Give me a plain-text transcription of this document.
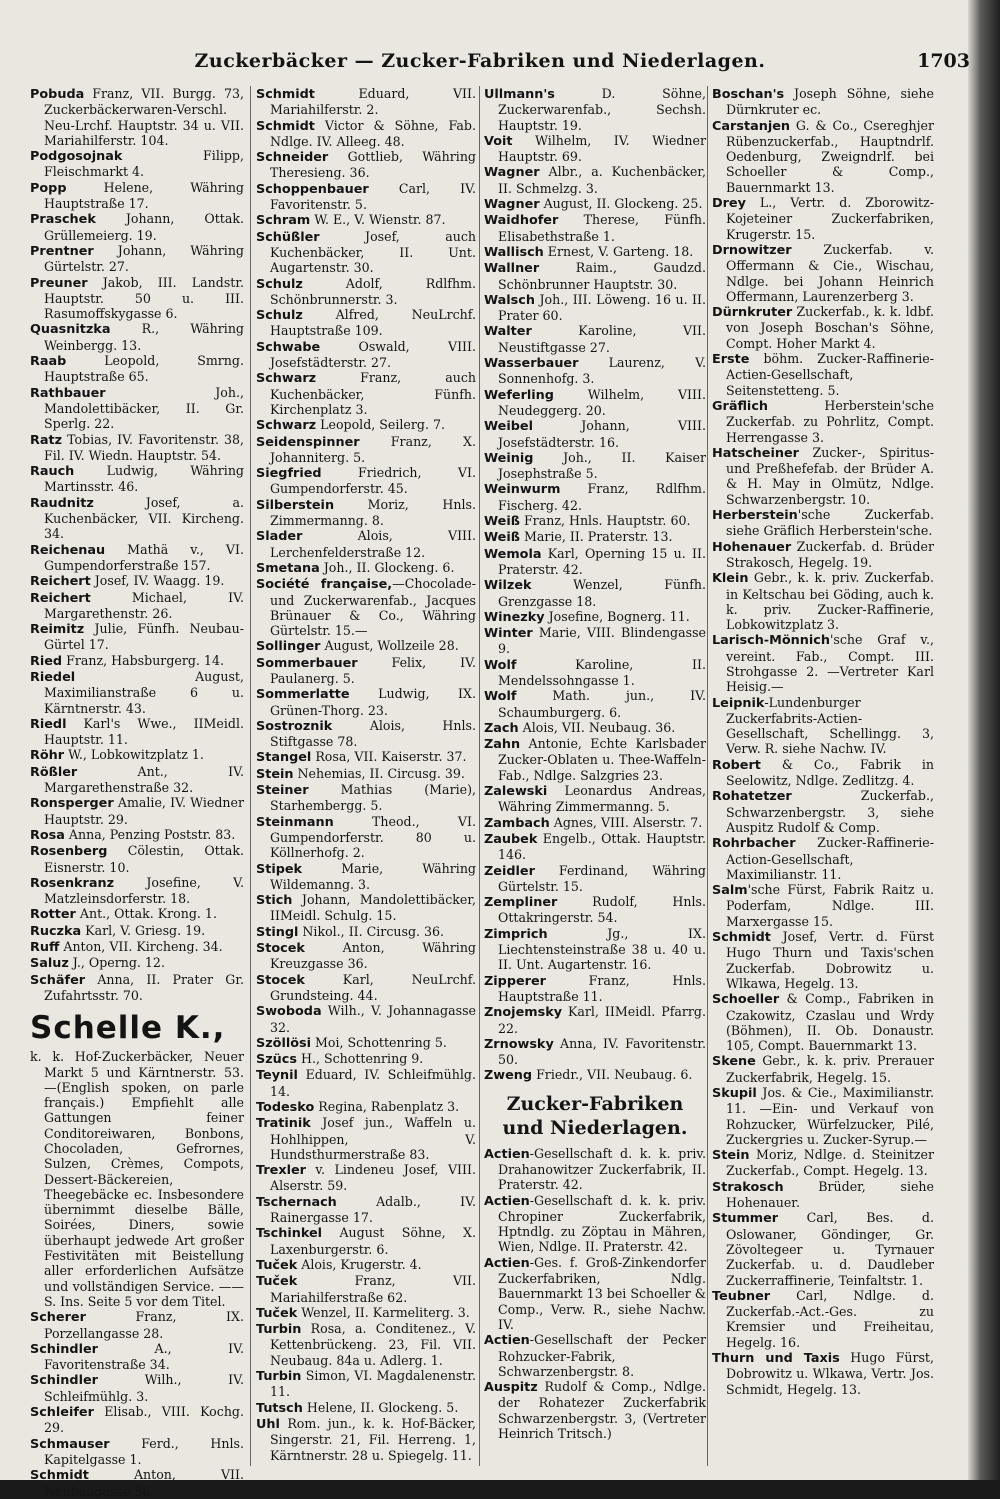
Zuckerbäcker — Zucker-Fabriken und Niederlagen.	1703
Pobuda Franz, VII. Burgg. 73, Zuckerbäckerwaren-Verschl. Neu-Lrchf. Hauptstr. 34 u. VII. Mariahilferstr. 104.
Podgosojnak Filipp, Fleischmarkt 4.
Popp Helene, Währing Hauptstraße 17.
Praschek Johann, Ottak. Grüllemeierg. 19.
Prentner Johann, Währing Gürtelstr. 27.
Preuner Jakob, III. Landstr. Hauptstr. 50 u. III. Rasumoffskygasse 6.
Quasnitzka R., Währing Weinbergg. 13.
Raab Leopold, Smrng. Hauptstraße 65.
Rathbauer Joh., Mandolettibäcker, II. Gr. Sperlg. 22.
Ratz Tobias, IV. Favoritenstr. 38, Fil. IV. Wiedn. Hauptstr. 54.
Rauch Ludwig, Währing Martinsstr. 46.
Raudnitz Josef, a. Kuchenbäcker, VII. Kircheng. 34.
Reichenau Mathä v., VI. Gumpendorferstraße 157.
Reichert Josef, IV. Waagg. 19.
Reichert Michael, IV. Margarethenstr. 26.
Reimitz Julie, Fünfh. Neubau-Gürtel 17.
Ried Franz, Habsburgerg. 14.
Riedel August, Maximilianstraße 6 u. Kärntnerstr. 43.
Riedl Karl's Wwe., IIMeidl. Hauptstr. 11.
Röhr W., Lobkowitzplatz 1.
Rößler Ant., IV. Margarethenstraße 32.
Ronsperger Amalie, IV. Wiedner Hauptstr. 29.
Rosa Anna, Penzing Poststr. 83.
Rosenberg Cölestin, Ottak. Eisnerstr. 10.
Rosenkranz Josefine, V. Matzleinsdorferstr. 18.
Rotter Ant., Ottak. Krong. 1.
Ruczka Karl, V. Griesg. 19.
Ruff Anton, VII. Kircheng. 34.
Saluz J., Operng. 12.
Schäfer Anna, II. Prater Gr. Zufahrtsstr. 70.
Schelle K.,
k. k. Hof-Zuckerbäcker, Neuer Markt 5 und Kärntnerstr. 53. —(English spoken, on parle français.) Empfiehlt alle Gattungen feiner Conditoreiwaren, Bonbons, Chocoladen, Gefrornes, Sulzen, Crèmes, Compots, Dessert-Bäckereien, Theegebäcke ec. Insbesondere übernimmt dieselbe Bälle, Soirées, Diners, sowie überhaupt jedwede Art großer Festivitäten mit Beistellung aller erforderlichen Aufsätze und vollständigen Service. —— S. Ins. Seite 5 vor dem Titel.
Scherer Franz, IX. Porzellangasse 28.
Schindler A., IV. Favoritenstraße 34.
Schindler Wilh., IV. Schleifmühlg. 3.
Schleifer Elisab., VIII. Kochg. 29.
Schmauser Ferd., Hnls. Kapitelgasse 1.
Schmidt Anton, VII. Neubaugasse 56.
Schmidt Eduard, VII. Mariahilferstr. 2.
Schmidt Victor & Söhne, Fab. Ndlge. IV. Alleeg. 48.
Schneider Gottlieb, Währing Theresieng. 36.
Schoppenbauer Carl, IV. Favoritenstr. 5.
Schram W. E., V. Wienstr. 87.
Schüßler Josef, auch Kuchenbäcker, II. Unt. Augartenstr. 30.
Schulz Adolf, Rdlfhm. Schönbrunnerstr. 3.
Schulz Alfred, NeuLrchf. Hauptstraße 109.
Schwabe Oswald, VIII. Josefstädterstr. 27.
Schwarz Franz, auch Kuchenbäcker, Fünfh. Kirchenplatz 3.
Schwarz Leopold, Seilerg. 7.
Seidenspinner Franz, X. Johanniterg. 5.
Siegfried Friedrich, VI. Gumpendorferstr. 45.
Silberstein Moriz, Hnls. Zimmermanng. 8.
Slader Alois, VIII. Lerchenfelderstraße 12.
Smetana Joh., II. Glockeng. 6.
Société française,—Chocolade- und Zuckerwarenfab., Jacques Brünauer & Co., Währing Gürtelstr. 15.—
Sollinger August, Wollzeile 28.
Sommerbauer Felix, IV. Paulanerg. 5.
Sommerlatte Ludwig, IX. Grünen-Thorg. 23.
Sostroznik Alois, Hnls. Stiftgasse 78.
Stangel Rosa, VII. Kaiserstr. 37.
Stein Nehemias, II. Circusg. 39.
Steiner Mathias (Marie), Starhembergg. 5.
Steinmann Theod., VI. Gumpendorferstr. 80 u. Köllnerhofg. 2.
Stipek Marie, Währing Wildemanng. 3.
Stich Johann, Mandolettibäcker, IIMeidl. Schulg. 15.
Stingl Nikol., II. Circusg. 36.
Stocek Anton, Währing Kreuzgasse 36.
Stocek Karl, NeuLrchf. Grundsteing. 44.
Swoboda Wilh., V. Johannagasse 32.
Szöllösi Moi, Schottenring 5.
Szücs H., Schottenring 9.
Teynil Eduard, IV. Schleifmühlg. 14.
Todesko Regina, Rabenplatz 3.
Tratinik Josef jun., Waffeln u. Hohlhippen, V. Hundsthurmerstraße 83.
Trexler v. Lindeneu Josef, VIII. Alserstr. 59.
Tschernach Adalb., IV. Rainergasse 17.
Tschinkel August Söhne, X. Laxenburgerstr. 6.
Tuček Alois, Krugerstr. 4.
Tuček Franz, VII. Mariahilferstraße 62.
Tuček Wenzel, II. Karmeliterg. 3.
Turbin Rosa, a. Conditenez., V. Kettenbrückeng. 23, Fil. VII. Neubaug. 84a u. Adlerg. 1.
Turbin Simon, VI. Magdalenenstr. 11.
Tutsch Helene, II. Glockeng. 5.
Uhl Rom. jun., k. k. Hof-Bäcker, Singerstr. 21, Fil. Herreng. 1, Kärntnerstr. 28 u. Spiegelg. 11.
Ullmann's D. Söhne, Zuckerwarenfab., Sechsh. Hauptstr. 19.
Voit Wilhelm, IV. Wiedner Hauptstr. 69.
Wagner Albr., a. Kuchenbäcker, II. Schmelzg. 3.
Wagner August, II. Glockeng. 25.
Waidhofer Therese, Fünfh. Elisabethstraße 1.
Wallisch Ernest, V. Garteng. 18.
Wallner Raim., Gaudzd. Schönbrunner Hauptstr. 30.
Walsch Joh., III. Löweng. 16 u. II. Prater 60.
Walter Karoline, VII. Neustiftgasse 27.
Wasserbauer Laurenz, V. Sonnenhofg. 3.
Weferling Wilhelm, VIII. Neudeggerg. 20.
Weibel Johann, VIII. Josefstädterstr. 16.
Weinig Joh., II. Kaiser Josephstraße 5.
Weinwurm Franz, Rdlfhm. Fischerg. 42.
Weiß Franz, Hnls. Hauptstr. 60.
Weiß Marie, II. Praterstr. 13.
Wemola Karl, Operning 15 u. II. Praterstr. 42.
Wilzek Wenzel, Fünfh. Grenzgasse 18.
Winezky Josefine, Bognerg. 11.
Winter Marie, VIII. Blindengasse 9.
Wolf Karoline, II. Mendelssohngasse 1.
Wolf Math. jun., IV. Schaumburgerg. 6.
Zach Alois, VII. Neubaug. 36.
Zahn Antonie, Echte Karlsbader Zucker-Oblaten u. Thee-Waffeln-Fab., Ndlge. Salzgries 23.
Zalewski Leonardus Andreas, Währing Zimmermanng. 5.
Zambach Agnes, VIII. Alserstr. 7.
Zaubek Engelb., Ottak. Hauptstr. 146.
Zeidler Ferdinand, Währing Gürtelstr. 15.
Zempliner Rudolf, Hnls. Ottakringerstr. 54.
Zimprich Jg., IX. Liechtensteinstraße 38 u. 40 u. II. Unt. Augartenstr. 16.
Zipperer Franz, Hnls. Hauptstraße 11.
Znojemsky Karl, IIMeidl. Pfarrg. 22.
Zrnowsky Anna, IV. Favoritenstr. 50.
Zweng Friedr., VII. Neubaug. 6.
Zucker-Fabriken und Niederlagen.
Actien-Gesellschaft d. k. k. priv. Drahanowitzer Zuckerfabrik, II. Praterstr. 42.
Actien-Gesellschaft d. k. k. priv. Chropiner Zuckerfabrik, Hptndlg. zu Zöptau in Mähren, Wien, Ndlge. II. Praterstr. 42.
Actien-Ges. f. Groß-Zinkendorfer Zuckerfabriken, Ndlg. Bauernmarkt 13 bei Schoeller & Comp., Verw. R., siehe Nachw. IV.
Actien-Gesellschaft der Pecker Rohzucker-Fabrik, Schwarzenbergstr. 8.
Auspitz Rudolf & Comp., Ndlge. der Rohatezer Zuckerfabrik Schwarzenbergstr. 3, (Vertreter Heinrich Tritsch.)
Boschan's Joseph Söhne, siehe Dürnkruter ec.
Carstanjen G. & Co., Csereghjer Rübenzuckerfab., Hauptndrlf. Oedenburg, Zweigndrlf. bei Schoeller & Comp., Bauernmarkt 13.
Drey L., Vertr. d. Zborowitz-Kojeteiner Zuckerfabriken, Krugerstr. 15.
Drnowitzer Zuckerfab. v. Offermann & Cie., Wischau, Ndlge. bei Johann Heinrich Offermann, Laurenzerberg 3.
Dürnkruter Zuckerfab., k. k. ldbf. von Joseph Boschan's Söhne, Compt. Hoher Markt 4.
Erste böhm. Zucker-Raffinerie-Actien-Gesellschaft, Seitenstetteng. 5.
Gräflich Herberstein'sche Zuckerfab. zu Pohrlitz, Compt. Herrengasse 3.
Hatscheiner Zucker-, Spiritus- und Preßhefefab. der Brüder A. & H. May in Olmütz, Ndlge. Schwarzenbergstr. 10.
Herberstein'sche Zuckerfab. siehe Gräflich Herberstein'sche.
Hohenauer Zuckerfab. d. Brüder Strakosch, Hegelg. 19.
Klein Gebr., k. k. priv. Zuckerfab. in Keltschau bei Göding, auch k. k. priv. Zucker-Raffinerie, Lobkowitzplatz 3.
Larisch-Mönnich'sche Graf v., vereint. Fab., Compt. III. Strohgasse 2. —Vertreter Karl Heisig.—
Leipnik-Lundenburger Zuckerfabrits-Actien-Gesellschaft, Schellingg. 3, Verw. R. siehe Nachw. IV.
Robert & Co., Fabrik in Seelowitz, Ndlge. Zedlitzg. 4.
Rohatetzer Zuckerfab., Schwarzenbergstr. 3, siehe Auspitz Rudolf & Comp.
Rohrbacher Zucker-Raffinerie-Action-Gesellschaft, Maximilianstr. 11.
Salm'sche Fürst, Fabrik Raitz u. Poderfam, Ndlge. III. Marxergasse 15.
Schmidt Josef, Vertr. d. Fürst Hugo Thurn und Taxis'schen Zuckerfab. Dobrowitz u. Wlkawa, Hegelg. 13.
Schoeller & Comp., Fabriken in Czakowitz, Czaslau und Wrdy (Böhmen), II. Ob. Donaustr. 105, Compt. Bauernmarkt 13.
Skene Gebr., k. k. priv. Prerauer Zuckerfabrik, Hegelg. 15.
Skupil Jos. & Cie., Maximilianstr. 11. —Ein- und Verkauf von Rohzucker, Würfelzucker, Pilé, Zuckergries u. Zucker-Syrup.—
Stein Moriz, Ndlge. d. Steinitzer Zuckerfab., Compt. Hegelg. 13.
Strakosch Brüder, siehe Hohenauer.
Stummer Carl, Bes. d. Oslowaner, Göndinger, Gr. Zövoltegeer u. Tyrnauer Zuckerfab. u. d. Daudleber Zuckerraffinerie, Teinfaltstr. 1.
Teubner Carl, Ndlge. d. Zuckerfab.-Act.-Ges. zu Kremsier und Freiheitau, Hegelg. 16.
Thurn und Taxis Hugo Fürst, Dobrowitz u. Wlkawa, Vertr. Jos. Schmidt, Hegelg. 13.
